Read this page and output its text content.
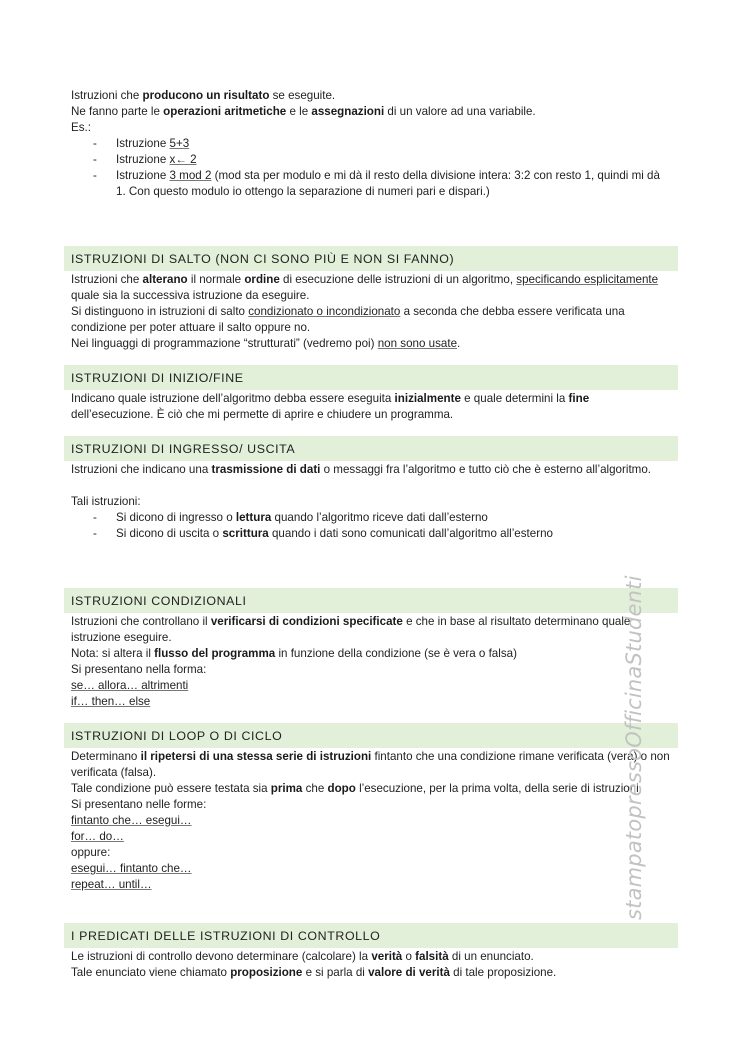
Istruzioni che producono un risultato se eseguite.

Ne fanno parte le operazioni aritmetiche e le assegnazioni di un valore ad una variabile.

Es.:

- Istruzione 5+3
- Istruzione x← 2
- Istruzione 3 mod 2 (mod sta per modulo e mi dà il resto della divisione intera: 3:2 con resto 1, quindi mi dà 1. Con questo modulo io ottengo la separazione di numeri pari e dispari.)
ISTRUZIONI DI SALTO (NON CI SONO PIÙ E NON SI FANNO)

Istruzioni che alterano il normale ordine di esecuzione delle istruzioni di un algoritmo, specificando esplicitamente quale sia la successiva istruzione da eseguire.

Si distinguono in istruzioni di salto condizionato o incondizionato a seconda che debba essere verificata una condizione per poter attuare il salto oppure no.

Nei linguaggi di programmazione “strutturati” (vedremo poi) non sono usate.

ISTRUZIONI DI INIZIO/FINE

Indicano quale istruzione dell’algoritmo debba essere eseguita inizialmente e quale determini la fine dell’esecuzione. È ciò che mi permette di aprire e chiudere un programma.

ISTRUZIONI DI INGRESSO/ USCITA

Istruzioni che indicano una trasmissione di dati o messaggi fra l’algoritmo e tutto ciò che è esterno all’algoritmo.

Tali istruzioni:

- Si dicono di ingresso o lettura quando l’algoritmo riceve dati dall’esterno
- Si dicono di uscita o scrittura quando i dati sono comunicati dall’algoritmo all’esterno
ISTRUZIONI CONDIZIONALI

Istruzioni che controllano il verificarsi di condizioni specificate e che in base al risultato determinano quale istruzione eseguire.

Nota: si altera il flusso del programma in funzione della condizione (se è vera o falsa)

Si presentano nella forma:

se… allora… altrimenti

if… then… else

ISTRUZIONI DI LOOP O DI CICLO

Determinano il ripetersi di una stessa serie di istruzioni fintanto che una condizione rimane verificata (vera) o non verificata (falsa).

Tale condizione può essere testata sia prima che dopo l’esecuzione, per la prima volta, della serie di istruzioni.

Si presentano nelle forme:

fintanto che… esegui…

for… do…

oppure:

esegui… fintanto che…

repeat… until…

I PREDICATI DELLE ISTRUZIONI DI CONTROLLO

Le istruzioni di controllo devono determinare (calcolare) la verità o falsità di un enunciato.

Tale enunciato viene chiamato proposizione e si parla di valore di verità di tale proposizione.

stampatopressoOfficinaStudenti
